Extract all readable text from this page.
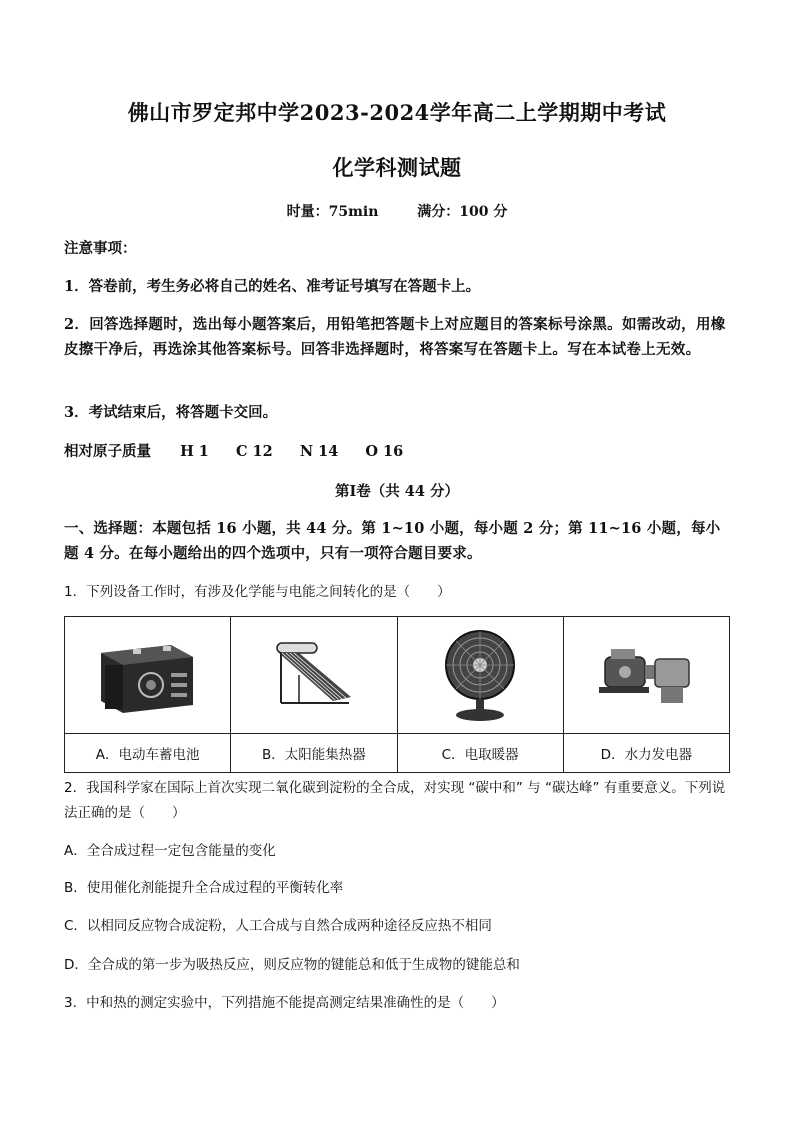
佛山市罗定邦中学2023-2024学年高二上学期期中考试
化学科测试题
时量：75min	满分：100 分
注意事项：
1．答卷前，考生务必将自己的姓名、准考证号填写在答题卡上。
2．回答选择题时，选出每小题答案后，用铅笔把答题卡上对应题目的答案标号涂黑。如需改动，用橡皮擦干净后，再选涂其他答案标号。回答非选择题时，将答案写在答题卡上。写在本试卷上无效。
3．考试结束后，将答题卡交回。
相对原子质量 H 1 C 12 N 14 O 16
第Ⅰ卷（共 44 分）
一、选择题：本题包括 16 小题，共 44 分。第 1~10 小题，每小题 2 分；第 11~16 小题，每小题 4 分。在每小题给出的四个选项中，只有一项符合题目要求。
1．下列设备工作时，有涉及化学能与电能之间转化的是（　　）

A．电动车蓄电池	B．太阳能集热器	C．电取暖器	D．水力发电器
2．我国科学家在国际上首次实现二氧化碳到淀粉的全合成，对实现 “碳中和” 与 “碳达峰” 有重要意义。下列说法正确的是（　　）
A．全合成过程一定包含能量的变化
B．使用催化剂能提升全合成过程的平衡转化率
C．以相同反应物合成淀粉，人工合成与自然合成两种途径反应热不相同
D．全合成的第一步为吸热反应，则反应物的键能总和低于生成物的键能总和
3．中和热的测定实验中，下列措施不能提高测定结果准确性的是（　　）
